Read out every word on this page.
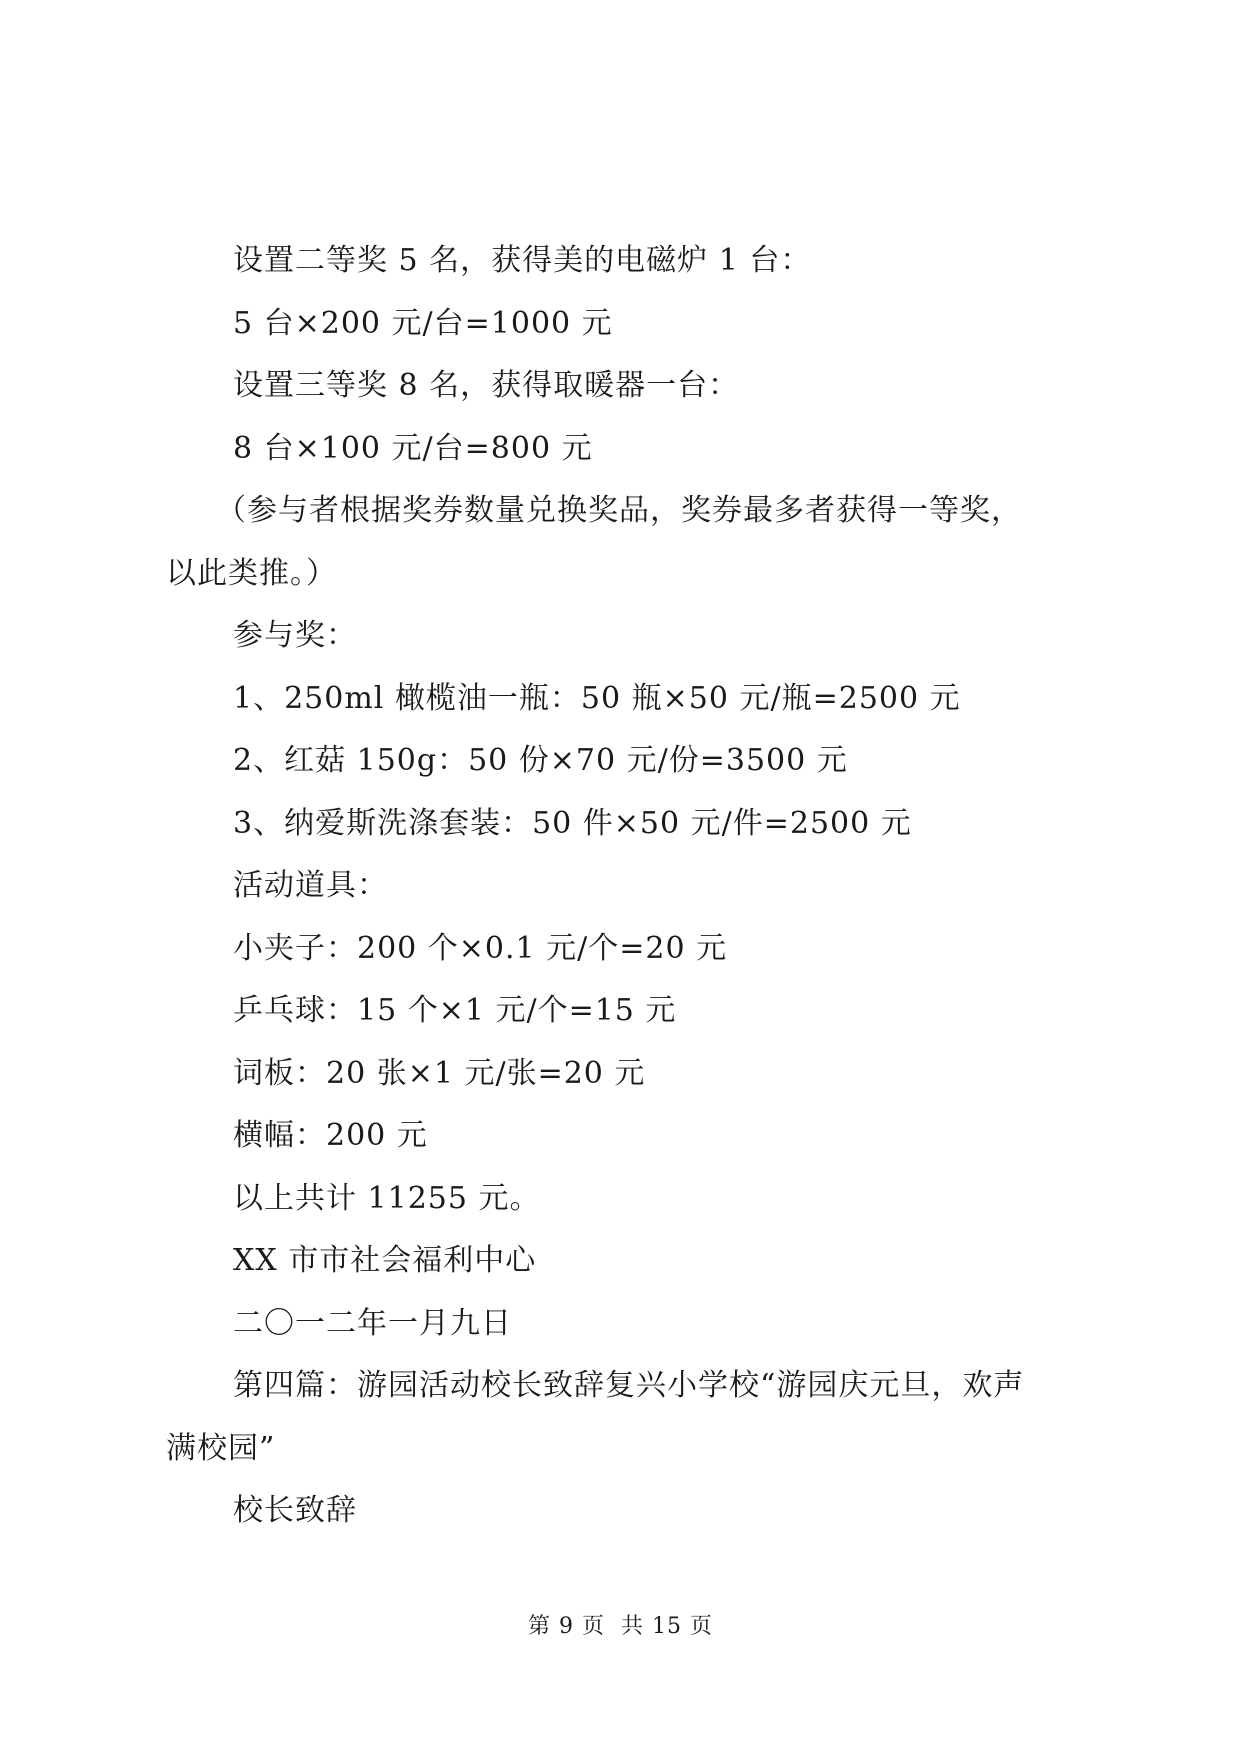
设置二等奖 5 名，获得美的电磁炉 1 台：
5 台×200 元/台=1000 元
设置三等奖 8 名，获得取暖器一台：
8 台×100 元/台=800 元
（参与者根据奖券数量兑换奖品，奖券最多者获得一等奖，
以此类推。）
参与奖：
1、250ml 橄榄油一瓶：50 瓶×50 元/瓶=2500 元
2、红菇 150g：50 份×70 元/份=3500 元
3、纳爱斯洗涤套装：50 件×50 元/件=2500 元
活动道具：
小夹子：200 个×0.1 元/个=20 元
乒乓球：15 个×1 元/个=15 元
词板：20 张×1 元/张=20 元
横幅：200 元
以上共计 11255 元。
XX 市市社会福利中心
二〇一二年一月九日
第四篇：游园活动校长致辞复兴小学校“游园庆元旦，欢声
满校园”
校长致辞
第 9 页 共 15 页
